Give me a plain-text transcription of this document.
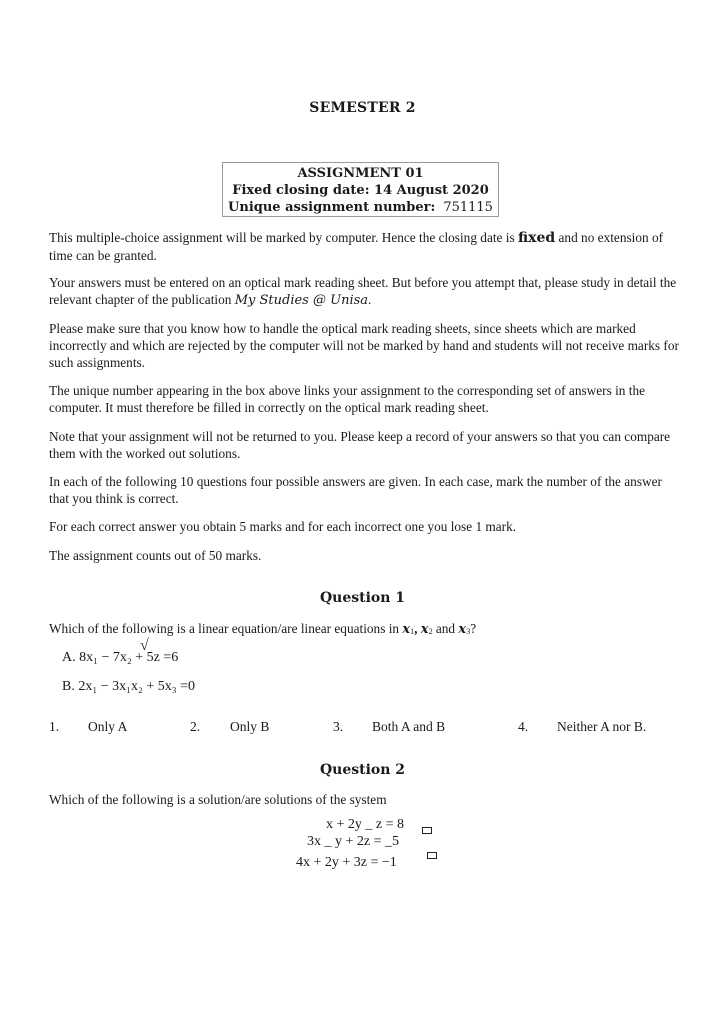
SEMESTER 2
ASSIGNMENT 01
Fixed closing date: 14 August 2020
Unique assignment number: 751115
This multiple-choice assignment will be marked by computer. Hence the closing date is fixed and no extension of time can be granted.
Your answers must be entered on an optical mark reading sheet. But before you attempt that, please study in detail the relevant chapter of the publication My Studies @ Unisa.
Please make sure that you know how to handle the optical mark reading sheets, since sheets which are marked incorrectly and which are rejected by the computer will not be marked by hand and students will not receive marks for such assignments.
The unique number appearing in the box above links your assignment to the corresponding set of answers in the computer. It must therefore be filled in correctly on the optical mark reading sheet.
Note that your assignment will not be returned to you. Please keep a record of your answers so that you can compare them with the worked out solutions.
In each of the following 10 questions four possible answers are given. In each case, mark the number of the answer that you think is correct.
For each correct answer you obtain 5 marks and for each incorrect one you lose 1 mark.
The assignment counts out of 50 marks.
Question 1
Which of the following is a linear equation/are linear equations in $x_1$, $x_2$ and $x_3$?
√
A. 8x₁ − 7x₂ + 5z =6
B. 2x₁ − 3x₁x₂ + 5x₃ =0
1. Only A	2. Only B	3. Both A and B	4. Neither A nor B.
Question 2
Which of the following is a solution/are solutions of the system
x + 2y _ z = 8
3x _ y + 2z = _5
4x + 2y + 3z = −1
